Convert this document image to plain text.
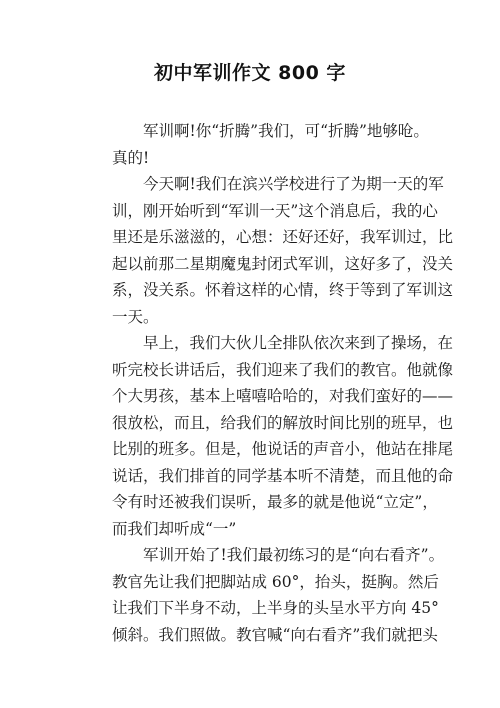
初中军训作文 800 字
军训啊!你“折腾”我们，可“折腾”地够呛。
真的!
今天啊!我们在滨兴学校进行了为期一天的军
训，刚开始听到“军训一天”这个消息后，我的心
里还是乐滋滋的，心想：还好还好，我军训过，比
起以前那二星期魔鬼封闭式军训，这好多了，没关
系，没关系。怀着这样的心情，终于等到了军训这
一天。
早上，我们大伙儿全排队依次来到了操场，在
听完校长讲话后，我们迎来了我们的教官。他就像
个大男孩，基本上嘻嘻哈哈的，对我们蛮好的——
很放松，而且，给我们的解放时间比别的班早，也
比别的班多。但是，他说话的声音小，他站在排尾
说话，我们排首的同学基本听不清楚，而且他的命
令有时还被我们误听，最多的就是他说“立定”，
而我们却听成“一”
军训开始了!我们最初练习的是“向右看齐”。
教官先让我们把脚站成 60°，抬头，挺胸。然后
让我们下半身不动，上半身的头呈水平方向 45°
倾斜。我们照做。教官喊“向右看齐”我们就把头
